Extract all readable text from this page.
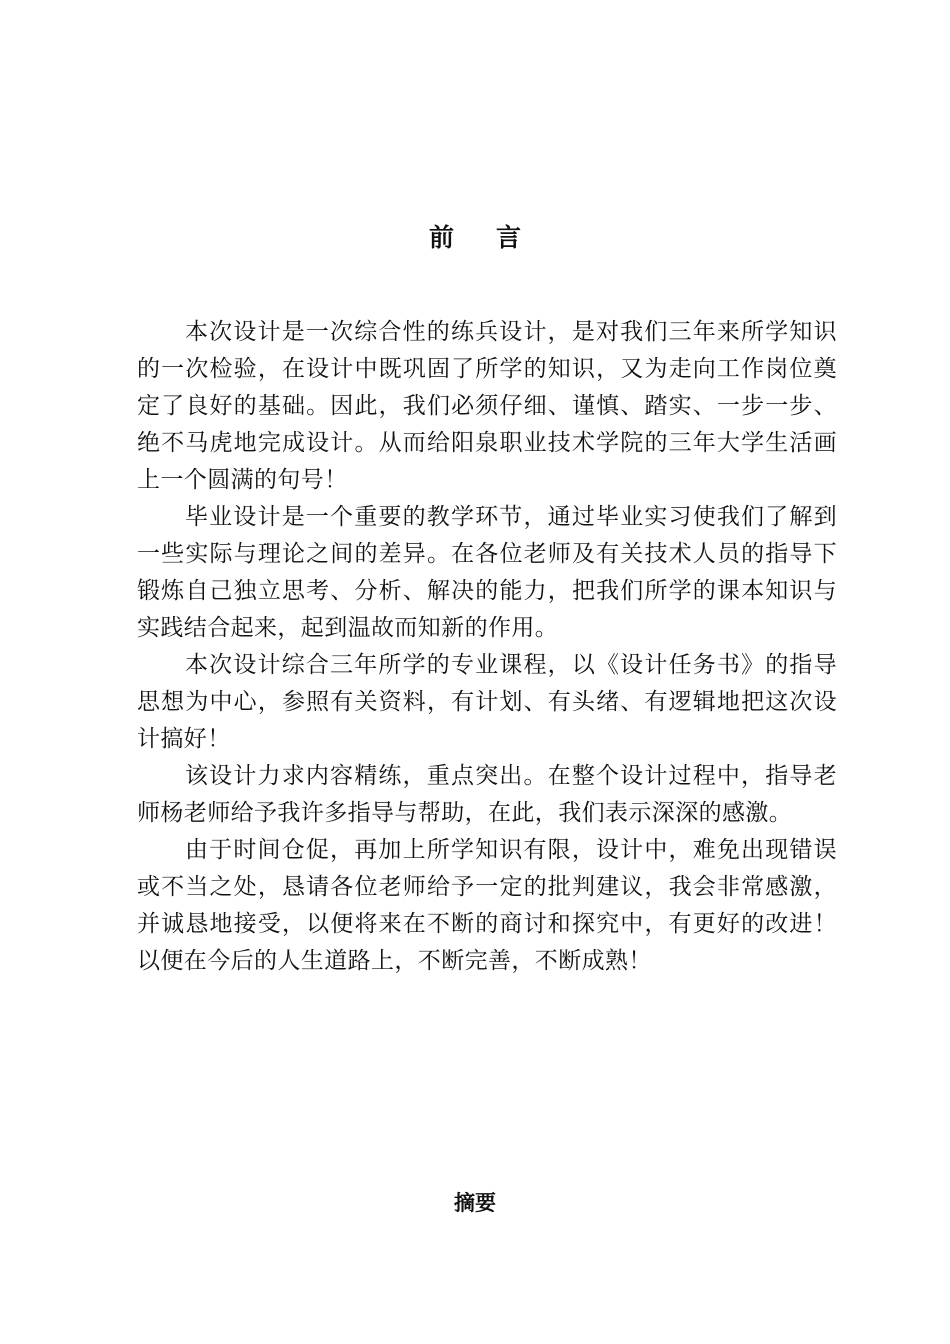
前言

本次设计是一次综合性的练兵设计，是对我们三年来所学知识的一次检验，在设计中既巩固了所学的知识，又为走向工作岗位奠定了良好的基础。因此，我们必须仔细、谨慎、踏实、一步一步、绝不马虎地完成设计。从而给阳泉职业技术学院的三年大学生活画上一个圆满的句号！

毕业设计是一个重要的教学环节，通过毕业实习使我们了解到一些实际与理论之间的差异。在各位老师及有关技术人员的指导下锻炼自己独立思考、分析、解决的能力，把我们所学的课本知识与实践结合起来，起到温故而知新的作用。

本次设计综合三年所学的专业课程，以《设计任务书》的指导思想为中心，参照有关资料，有计划、有头绪、有逻辑地把这次设计搞好！

该设计力求内容精练，重点突出。在整个设计过程中，指导老师杨老师给予我许多指导与帮助，在此，我们表示深深的感激。

由于时间仓促，再加上所学知识有限，设计中，难免出现错误或不当之处，恳请各位老师给予一定的批判建议，我会非常感激，并诚恳地接受，以便将来在不断的商讨和探究中，有更好的改进！以便在今后的人生道路上，不断完善，不断成熟！

摘要
